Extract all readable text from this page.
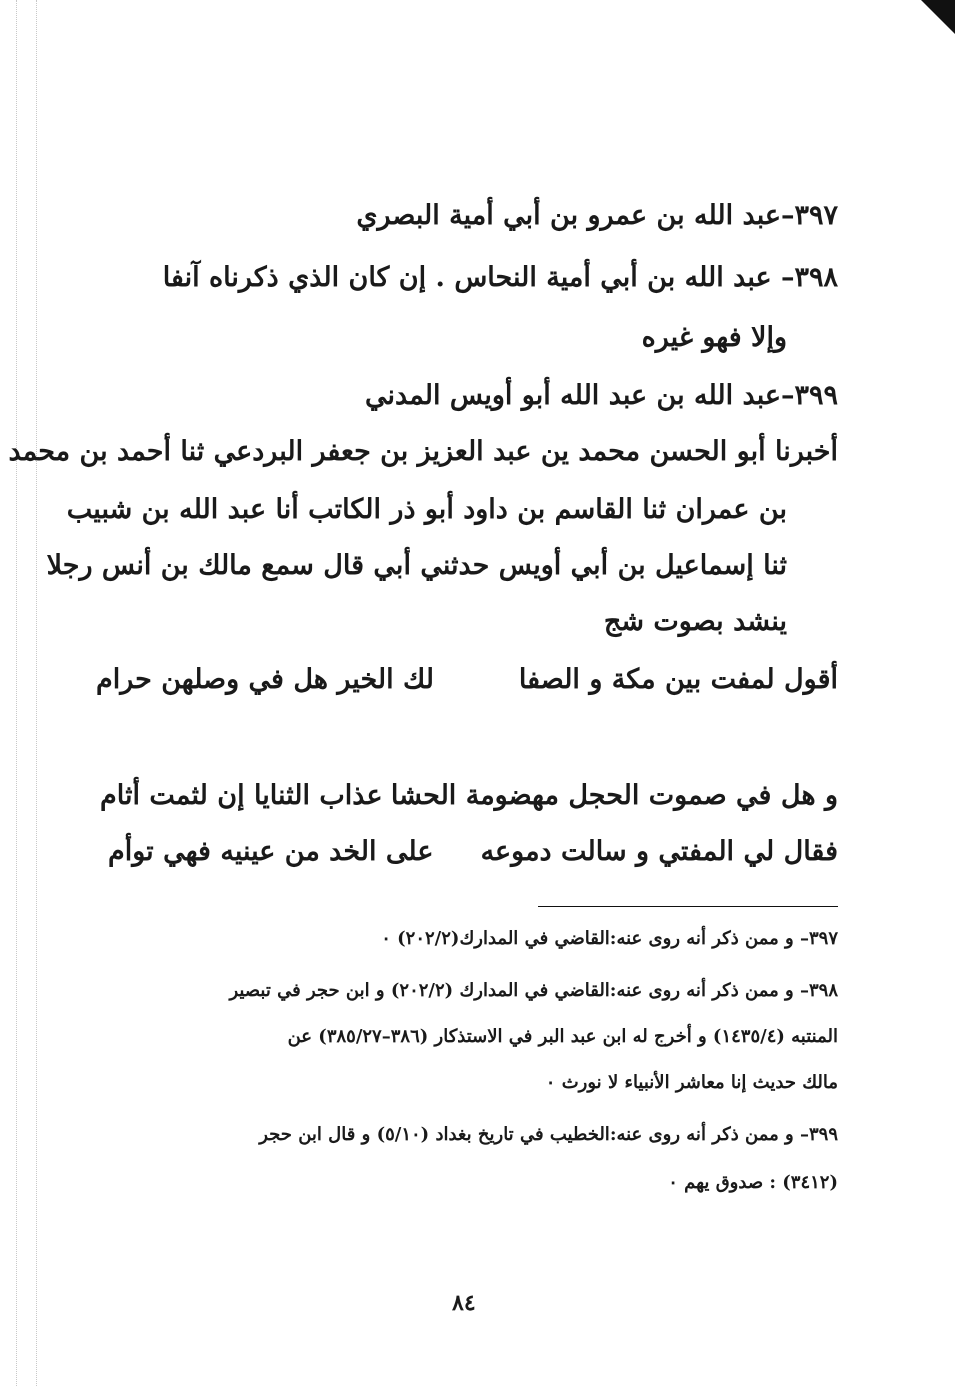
٣٩٧–عبد الله بن عمرو بن أبي أمية البصري
٣٩٨– عبد الله بن أبي أمية النحاس . إن كان الذي ذكرناه آنفا
وإلا فهو غيره
٣٩٩–عبد الله بن عبد الله أبو أويس المدني
أخبرنا أبو الحسن محمد ين عبد العزيز بن جعفر البردعي ثنا أحمد بن محمد
بن عمران ثنا القاسم بن داود أبو ذر الكاتب أنا عبد الله بن شبيب
ثنا إسماعيل بن أبي أويس حدثني أبي قال سمع مالك بن أنس رجلا
ينشد بصوت شج
أقول لمفت بين مكة و الصفا
لك الخير هل في وصلهن حرام
و هل في صموت الحجل مهضومة الحشا
عذاب الثنايا إن لثمت أثام
فقال لي المفتي و سالت دموعه
على الخد من عينيه فهي توأم
٣٩٧– و ممن ذكر أنه روى عنه:القاضي في المدارك(٢٠٢/٢) ٠
٣٩٨– و ممن ذكر أنه روى عنه:القاضي في المدارك (٢٠٢/٢) و ابن حجر في تبصير
المنتبه (١٤٣٥/٤) و أخرج له ابن عبد البر في الاستذكار (٣٨٦–٣٨٥/٢٧) عن
مالك حديث إنا معاشر الأنبياء لا نورث ٠
٣٩٩– و ممن ذكر أنه روى عنه:الخطيب في تاريخ بغداد (٥/١٠) و قال ابن حجر
(٣٤١٢) : صدوق يهم ٠
٨٤
